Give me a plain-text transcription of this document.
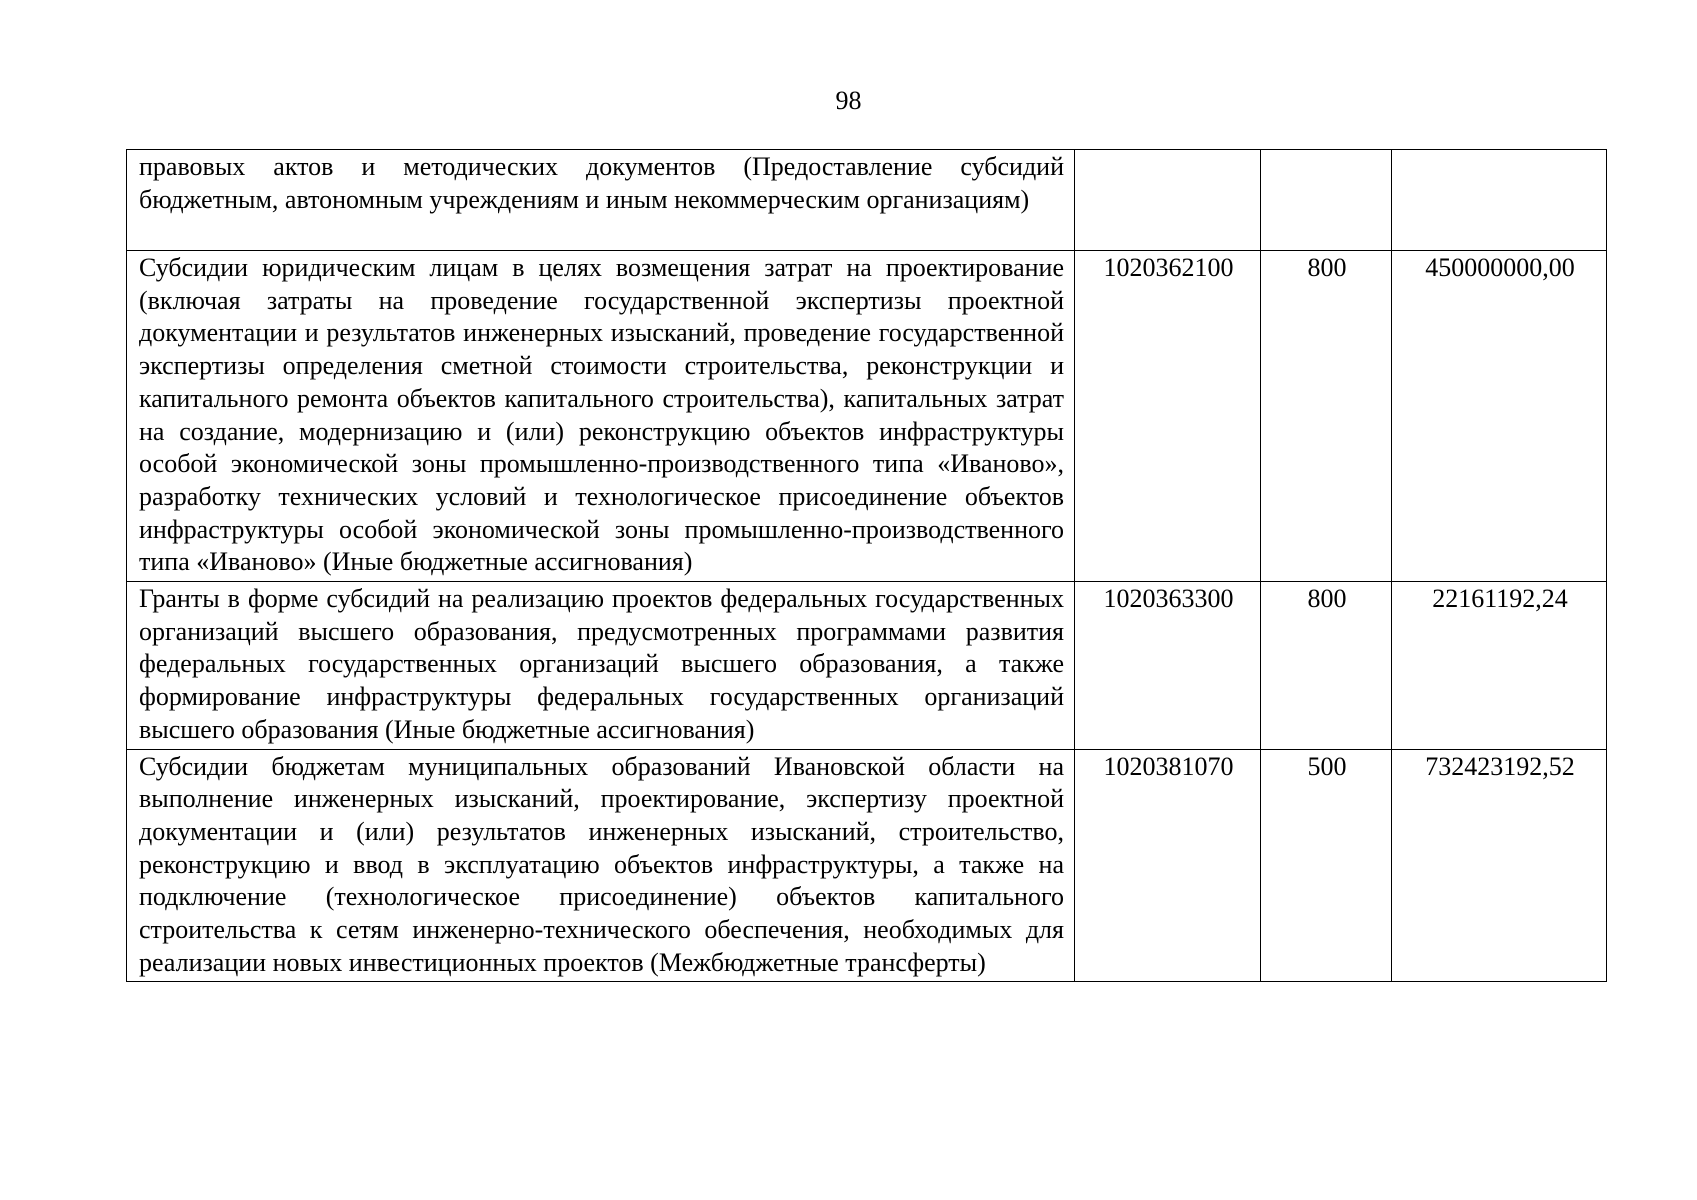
98
правовых актов и методических документов (Предоставление субсидий бюджетным, автономным учреждениям и иным некоммерческим организациям)			
Субсидии юридическим лицам в целях возмещения затрат на проектирование (включая затраты на проведение государственной экспертизы проектной документации и результатов инженерных изысканий, проведение государственной экспертизы определения сметной стоимости строительства, реконструкции и капитального ремонта объектов капитального строительства), капитальных затрат на создание, модернизацию и (или) реконструкцию объектов инфраструктуры особой экономической зоны промышленно-производственного типа «Иваново», разработку технических условий и технологическое присоединение объектов инфраструктуры особой экономической зоны промышленно-производственного типа «Иваново» (Иные бюджетные ассигнования)	1020362100	800	450000000,00
Гранты в форме субсидий на реализацию проектов федеральных государственных организаций высшего образования, предусмотренных программами развития федеральных государственных организаций высшего образования, а также формирование инфраструктуры федеральных государственных организаций высшего образования (Иные бюджетные ассигнования)	1020363300	800	22161192,24
Субсидии бюджетам муниципальных образований Ивановской области на выполнение инженерных изысканий, проектирование, экспертизу проектной документации и (или) результатов инженерных изысканий, строительство, реконструкцию и ввод в эксплуатацию объектов инфраструктуры, а также на подключение (технологическое присоединение) объектов капитального строительства к сетям инженерно-технического обеспечения, необходимых для реализации новых инвестиционных проектов (Межбюджетные трансферты)	1020381070	500	732423192,52
